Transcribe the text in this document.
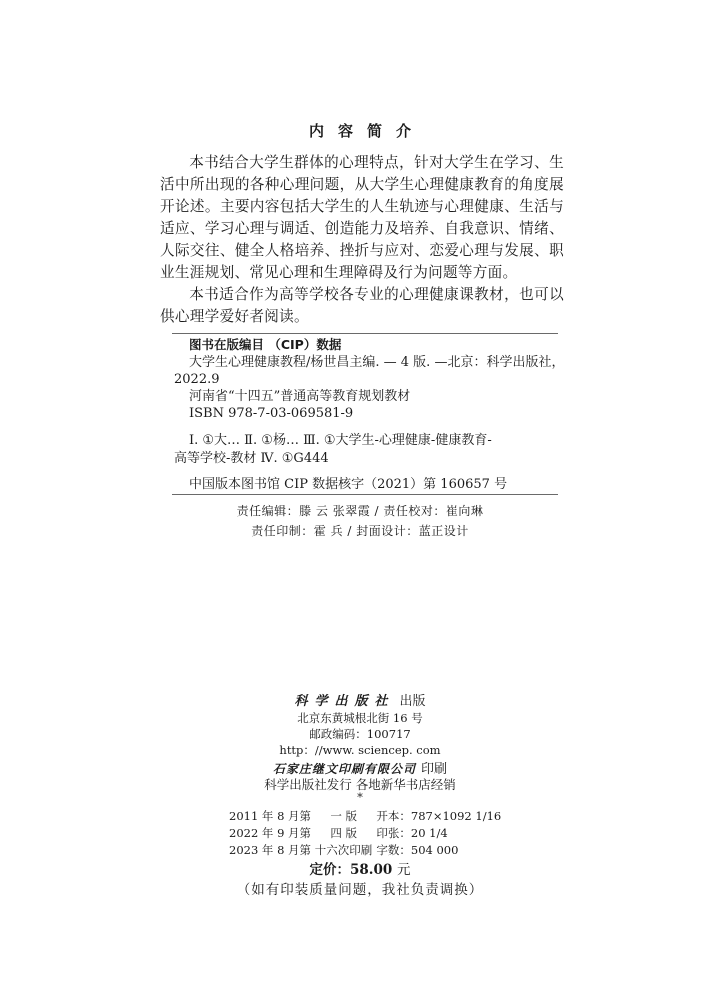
内容简介

本书结合大学生群体的心理特点，针对大学生在学习、生活中所出现的各种心理问题，从大学生心理健康教育的角度展开论述。主要内容包括大学生的人生轨迹与心理健康、生活与适应、学习心理与调适、创造能力及培养、自我意识、情绪、人际交往、健全人格培养、挫折与应对、恋爱心理与发展、职业生涯规划、常见心理和生理障碍及行为问题等方面。

本书适合作为高等学校各专业的心理健康课教材，也可以供心理学爱好者阅读。

图书在版编目 （CIP）数据
大学生心理健康教程/杨世昌主编. — 4 版. —北京：科学出版社，
2022.9
河南省“十四五”普通高等教育规划教材
ISBN 978-7-03-069581-9
Ⅰ. ①大… Ⅱ. ①杨… Ⅲ. ①大学生-心理健康-健康教育-
高等学校-教材 Ⅳ. ①G444
中国版本图书馆 CIP 数据核字（2021）第 160657 号
责任编辑：滕 云 张翠霞 / 责任校对：崔向琳
责任印制：霍 兵 / 封面设计：蓝正设计
科学出版社 出版
北京东黄城根北街 16 号
邮政编码：100717
http：//www. sciencep. com
石家庄继文印刷有限公司 印刷
科学出版社发行 各地新华书店经销
*
2011 年 8 月第 一 版 开本：787×1092 1/16
2022 年 9 月第 四 版 印张：20 1/4
2023 年 8 月第 十六次印刷 字数：504 000
定价：58.00 元
（如有印装质量问题，我社负责调换）
